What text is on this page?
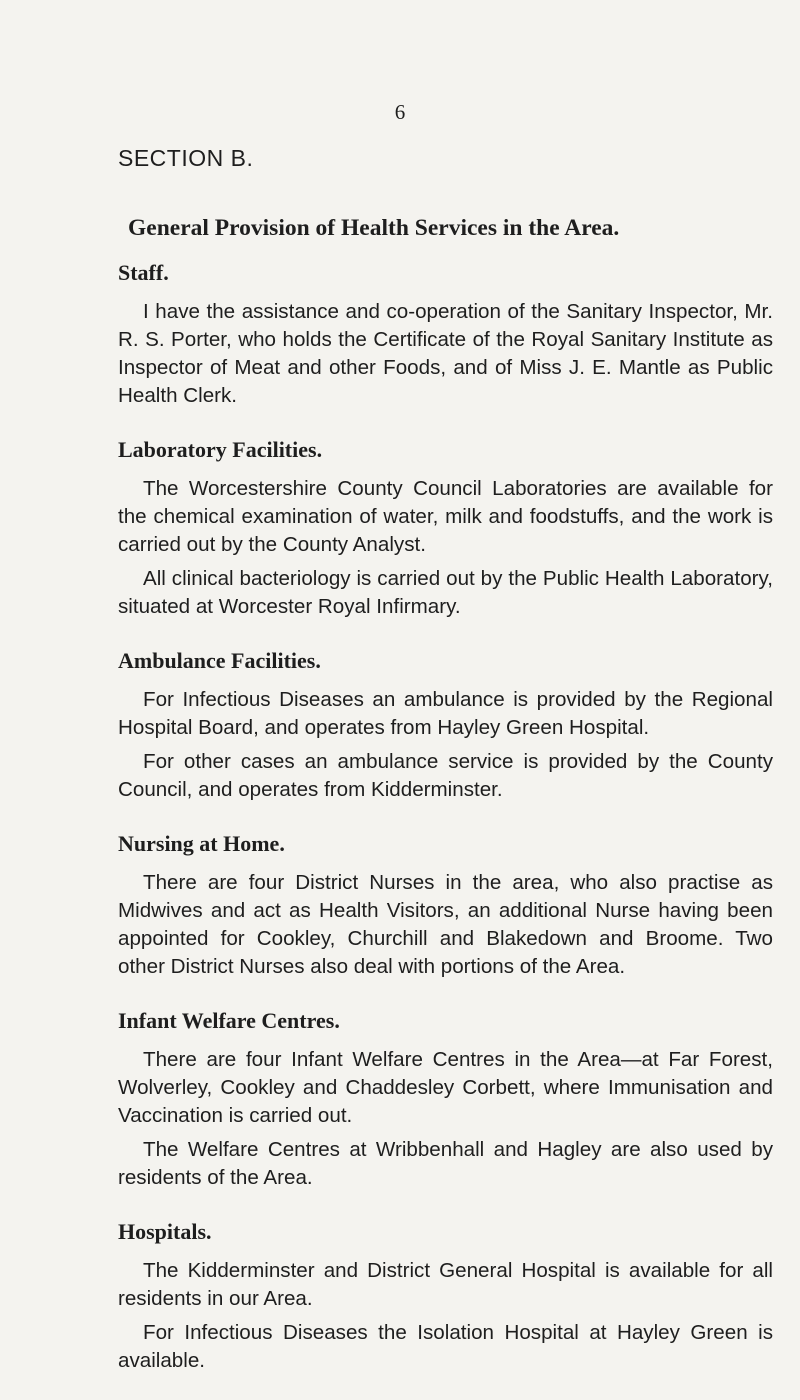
6
SECTION B.
General Provision of Health Services in the Area.

Staff.

I have the assistance and co-operation of the Sanitary Inspector, Mr. R. S. Porter, who holds the Certificate of the Royal Sanitary Institute as Inspector of Meat and other Foods, and of Miss J. E. Mantle as Public Health Clerk.

Laboratory Facilities.

The Worcestershire County Council Laboratories are available for the chemical examination of water, milk and foodstuffs, and the work is carried out by the County Analyst.

All clinical bacteriology is carried out by the Public Health Laboratory, situated at Worcester Royal Infirmary.

Ambulance Facilities.

For Infectious Diseases an ambulance is provided by the Regional Hospital Board, and operates from Hayley Green Hospital.

For other cases an ambulance service is provided by the County Council, and operates from Kidderminster.

Nursing at Home.

There are four District Nurses in the area, who also practise as Midwives and act as Health Visitors, an additional Nurse having been appointed for Cookley, Churchill and Blakedown and Broome. Two other District Nurses also deal with portions of the Area.

Infant Welfare Centres.

There are four Infant Welfare Centres in the Area—at Far Forest, Wolverley, Cookley and Chaddesley Corbett, where Immunisation and Vaccination is carried out.

The Welfare Centres at Wribbenhall and Hagley are also used by residents of the Area.

Hospitals.

The Kidderminster and District General Hospital is available for all residents in our Area.

For Infectious Diseases the Isolation Hospital at Hayley Green is available.
